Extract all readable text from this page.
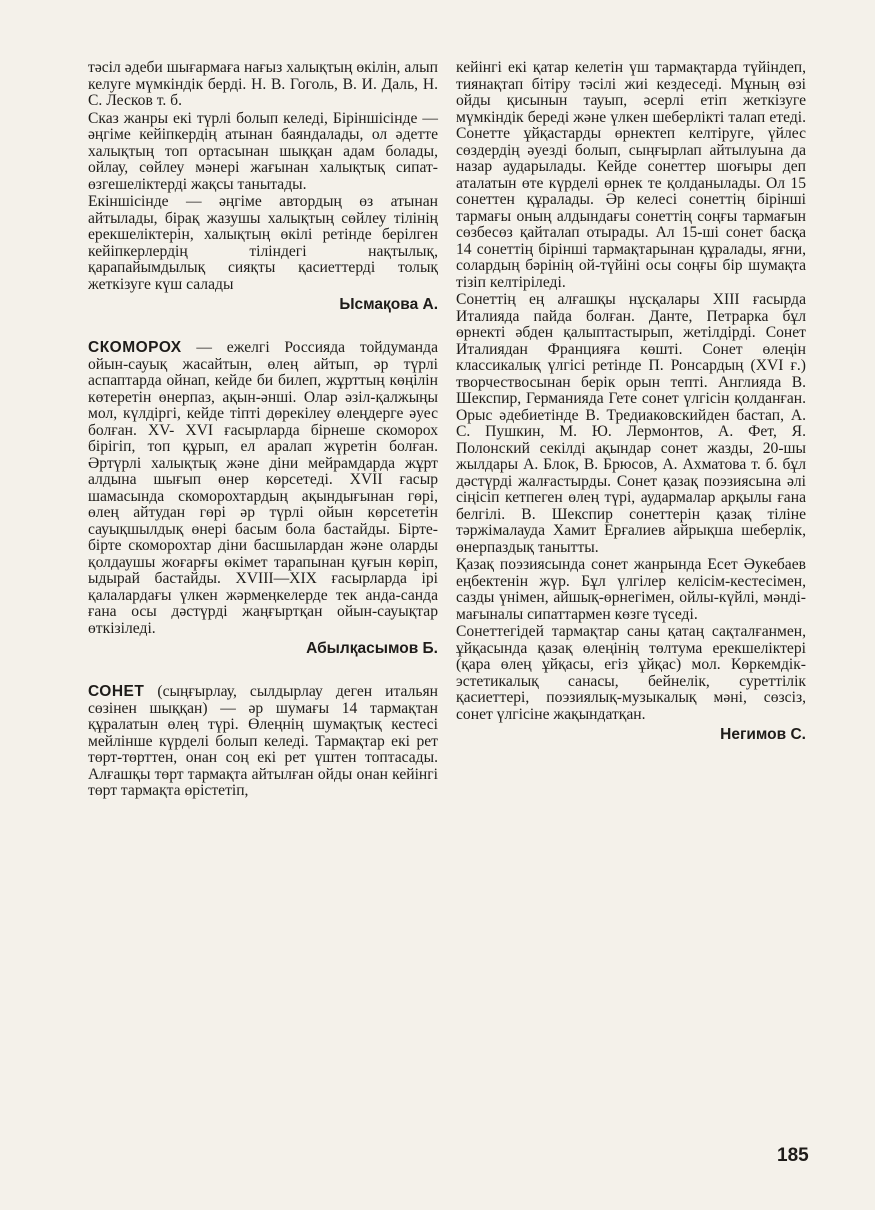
тәсіл әдеби шығармаға нағыз халықтың өкілін, алып келуге мүмкіндік берді. Н. В. Гоголь, В. И. Даль, Н. С. Лесков т. б.

Сказ жанры екі түрлі болып келеді, Біріншісінде — әңгіме кейіпкердің атынан баяндалады, ол әдетте халықтың топ ортасынан шыққан адам болады, ойлау, сөйлеу мәнері жағынан халықтық сипат-өзгешеліктерді жақсы танытады.

Екіншісінде — әңгіме автордың өз атынан айтылады, бірақ жазушы халықтың сөйлеу тілінің ерекшеліктерін, халықтың өкілі ретінде берілген кейіпкерлердің тіліндегі нақтылық, қарапайымдылық сияқты қасиеттерді толық жеткізуге күш салады

Ысмақова А.

СКОМОРОХ — ежелгі Россияда тойдуманда ойын-сауық жасайтын, өлең айтып, әр түрлі аспаптарда ойнап, кейде би билеп, жұрттың көңілін көтеретін өнерпаз, ақын-әнші. Олар әзіл-қалжыңы мол, күлдіргі, кейде тіпті дөрекілеу өлеңдерге әуес болған. XV- XVI ғасырларда бірнеше скоморох бірігіп, топ құрып, ел аралап жүретін болған. Әртүрлі халықтық және діни мейрамдарда жұрт алдына шығып өнер көрсетеді. XVII ғасыр шамасында скоморохтардың ақындығынан гөрі, өлең айтудан гөрі әр түрлі ойын көрсететін сауықшылдық өнері басым бола бастайды. Бірте-бірте скоморохтар діни басшылардан және оларды қолдаушы жоғарғы өкімет тарапынан қуғын көріп, ыдырай бастайды. XVIII—XIX ғасырларда ірі қалалардағы үлкен жәрмеңкелерде тек анда-санда ғана осы дәстүрді жаңғыртқан ойын-сауықтар өткізіледі.

Абылқасымов Б.

СОНЕТ (сыңғырлау, сылдырлау деген итальян сөзінен шыққан) — әр шумағы 14 тармақтан құралатын өлең түрі. Өлеңнің шумақтық кестесі мейлінше күрделі болып келеді. Тармақтар екі рет төрт-төрттен, онан соң екі рет үштен топтасады. Алғашқы төрт тармақта айтылған ойды онан кейінгі төрт тармақта өрістетіп,

кейінгі екі қатар келетін үш тармақтарда түйіндеп, тиянақтап бітіру тәсілі жиі кездеседі. Мұның өзі ойды қисынын тауып, әсерлі етіп жеткізуге мүмкіндік береді және үлкен шеберлікті талап етеді. Сонетте ұйқастарды өрнектеп келтіруге, үйлес сөздердің әуезді болып, сыңғырлап айтылуына да назар аударылады. Кейде сонеттер шоғыры деп аталатын өте күрделі өрнек те қолданылады. Ол 15 сонеттен құралады. Әр келесі сонеттің бірінші тармағы оның алдындағы сонеттің соңғы тармағын сөзбесөз қайталап отырады. Ал 15-ші сонет басқа 14 сонеттің бірінші тармақтарынан құралады, яғни, солардың бәрінің ой-түйіні осы соңғы бір шумақта тізіп келтіріледі.

Сонеттің ең алғашқы нұсқалары XIII ғасырда Италияда пайда болған. Данте, Петрарка бұл өрнекті әбден қалыптастырып, жетілдірді. Сонет Италиядан Францияға көшті. Сонет өлеңін классикалық үлгісі ретінде П. Ронсардың (XVI ғ.) творчествосынан берік орын тепті. Англияда В. Шекспир, Германияда Гете сонет үлгісін қолданған. Орыс әдебиетінде В. Тредиаковскийден бастап, А. С. Пушкин, М. Ю. Лермонтов, А. Фет, Я. Полонский секілді ақындар сонет жазды, 20-шы жылдары А. Блок, В. Брюсов, А. Ахматова т. б. бұл дәстүрді жалғастырды. Сонет қазақ поэзиясына әлі сіңісіп кетпеген өлең түрі, аудармалар арқылы ғана белгілі. В. Шекспир сонеттерін қазақ тіліне тәржімалауда Хамит Ерғалиев айрықша шеберлік, өнерпаздық танытты.

Қазақ поэзиясында сонет жанрында Есет Әукебаев еңбектенін жүр. Бұл үлгілер келісім-кестесімен, сазды үнімен, айшық-өрнегімен, ойлы-күйлі, мәнді-мағыналы сипаттармен көзге түседі.

Сонеттегідей тармақтар саны қатаң сақталғанмен, ұйқасында қазақ өлеңінің төлтума ерекшеліктері (қара өлең ұйқасы, егіз ұйқас) мол. Көркемдік-эстетикалық санасы, бейнелік, суреттілік қасиеттері, поэзиялық-музыкалық мәні, сөзсіз, сонет үлгісіне жақындатқан.

Негимов С.

185
